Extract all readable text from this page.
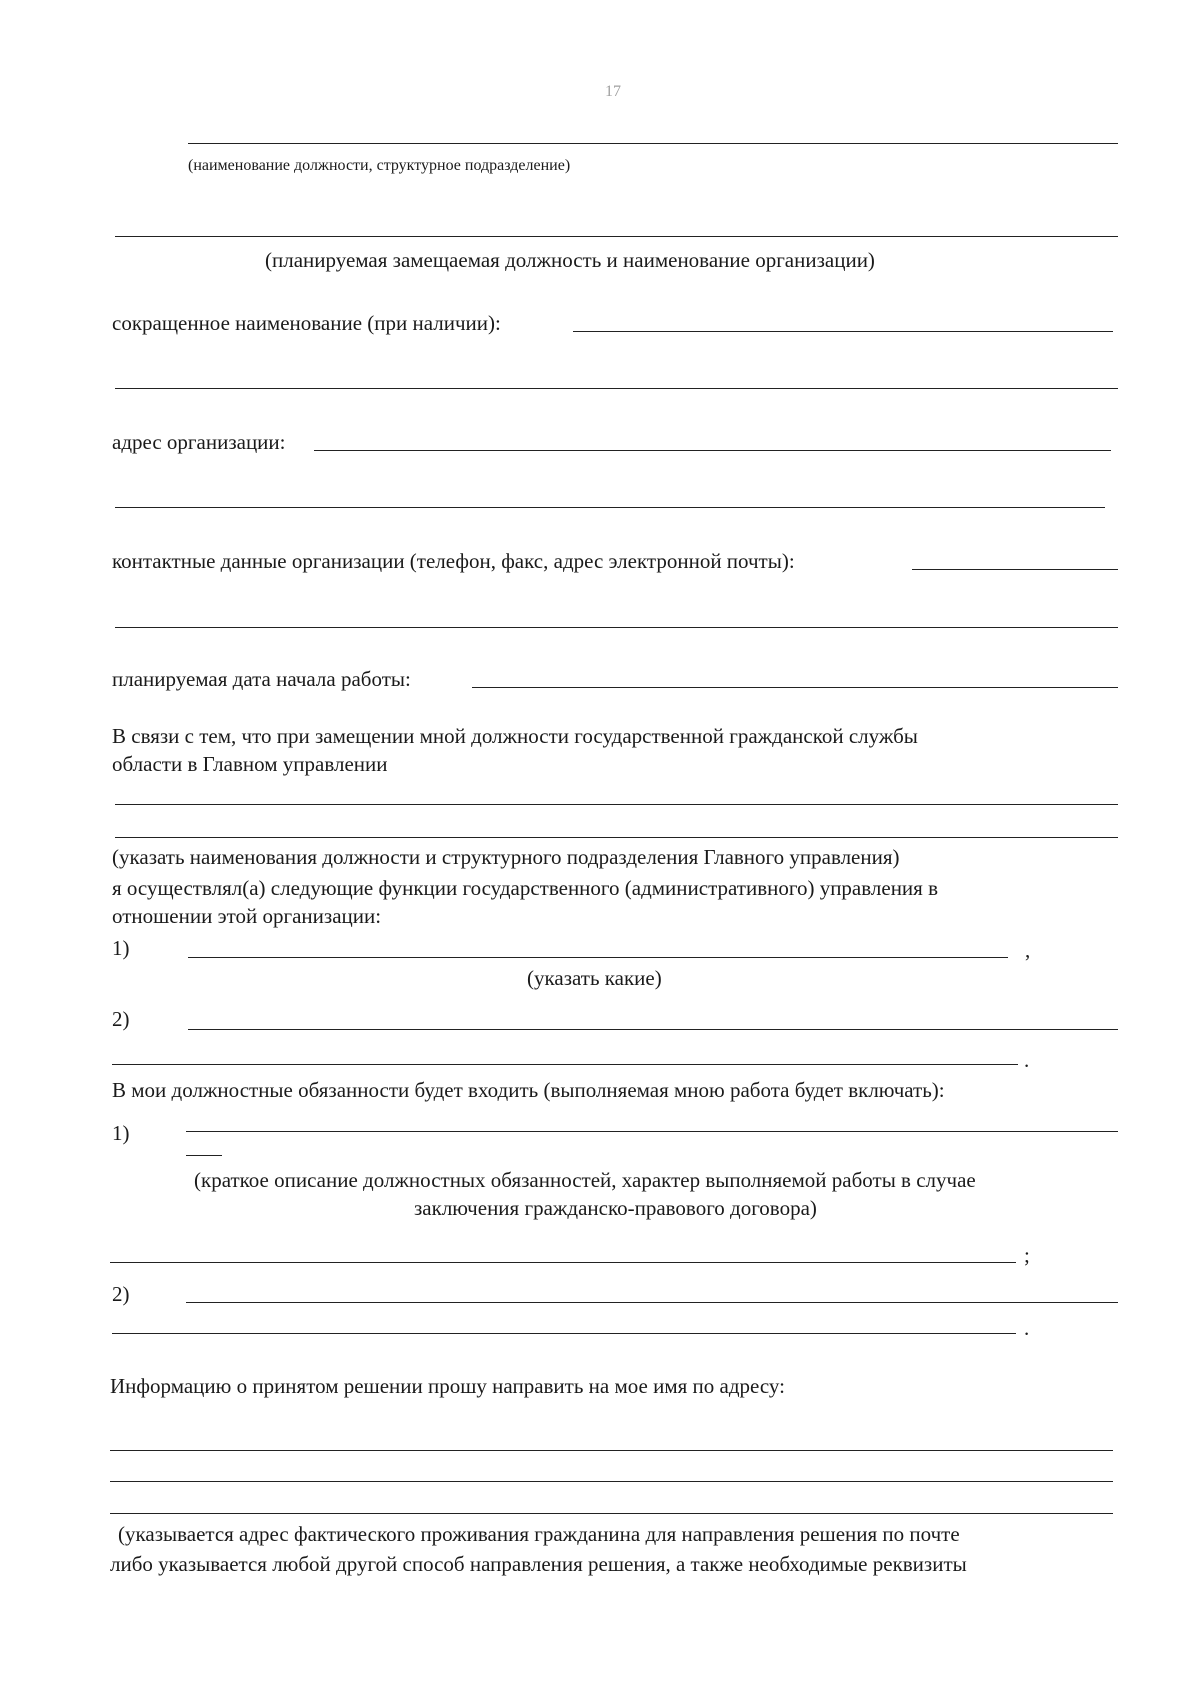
17
(наименование должности, структурное подразделение)
(планируемая замещаемая должность и наименование организации)
сокращенное наименование (при наличии):
адрес организации:
контактные данные организации (телефон, факс, адрес электронной почты):
планируемая дата начала работы:
В связи с тем, что при замещении мной должности государственной гражданской службы
области в Главном управлении
(указать наименования должности и структурного подразделения Главного управления)
я осуществлял(а) следующие функции государственного (административного) управления в
отношении этой организации:
1)	,
(указать какие)
2)
.
В мои должностные обязанности будет входить (выполняемая мною работа будет включать):
1)
(краткое описание должностных обязанностей, характер выполняемой работы в случае
заключения гражданско-правового договора)
;
2)
.
Информацию о принятом решении прошу направить на мое имя по адресу:
(указывается адрес фактического проживания гражданина для направления решения по почте
либо указывается любой другой способ направления решения, а также необходимые реквизиты
